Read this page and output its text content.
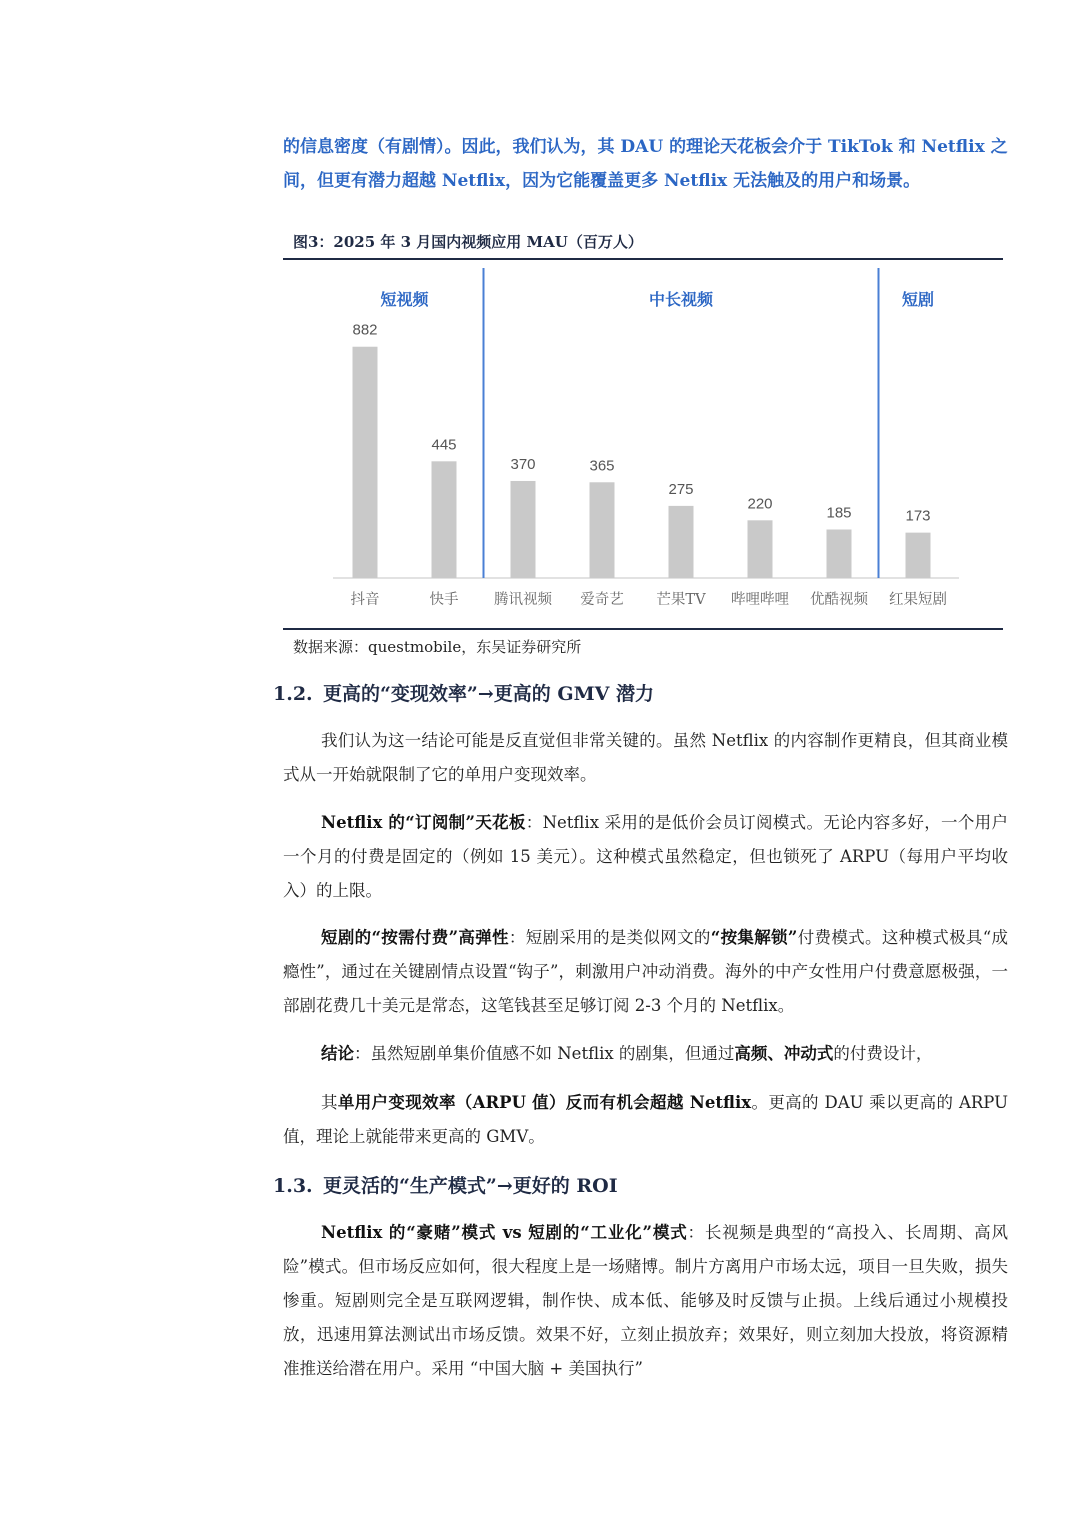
的信息密度（有剧情）。因此，我们认为，其 DAU 的理论天花板会介于 TikTok 和 Netflix 之间，但更有潜力超越 Netflix，因为它能覆盖更多 Netflix 无法触及的用户和场景。

图3：2025 年 3 月国内视频应用 MAU（百万人）

882
抖音
445
快手
370
腾讯视频
365
爱奇艺
275
芒果TV
220
哔哩哔哩
185
优酷视频
173
红果短剧
短视频	中长视频	短剧

数据来源：questmobile，东吴证券研究所

1.2. 更高的“变现效率”→更高的 GMV 潜力

我们认为这一结论可能是反直觉但非常关键的。虽然 Netflix 的内容制作更精良，但其商业模式从一开始就限制了它的单用户变现效率。

Netflix 的“订阅制”天花板：Netflix 采用的是低价会员订阅模式。无论内容多好，一个用户一个月的付费是固定的（例如 15 美元）。这种模式虽然稳定，但也锁死了 ARPU（每用户平均收入）的上限。

短剧的“按需付费”高弹性：短剧采用的是类似网文的“按集解锁”付费模式。这种模式极具“成瘾性”，通过在关键剧情点设置“钩子”，刺激用户冲动消费。海外的中产女性用户付费意愿极强，一部剧花费几十美元是常态，这笔钱甚至足够订阅 2-3 个月的 Netflix。

结论：虽然短剧单集价值感不如 Netflix 的剧集，但通过高频、冲动式的付费设计，

其单用户变现效率（ARPU 值）反而有机会超越 Netflix。更高的 DAU 乘以更高的 ARPU 值，理论上就能带来更高的 GMV。

1.3. 更灵活的“生产模式”→更好的 ROI

Netflix 的“豪赌”模式 vs 短剧的“工业化”模式：长视频是典型的“高投入、长周期、高风险”模式。但市场反应如何，很大程度上是一场赌博。制片方离用户市场太远，项目一旦失败，损失惨重。短剧则完全是互联网逻辑，制作快、成本低、能够及时反馈与止损。上线后通过小规模投放，迅速用算法测试出市场反馈。效果不好，立刻止损放弃；效果好，则立刻加大投放，将资源精准推送给潜在用户。采用 “中国大脑 + 美国执行”
